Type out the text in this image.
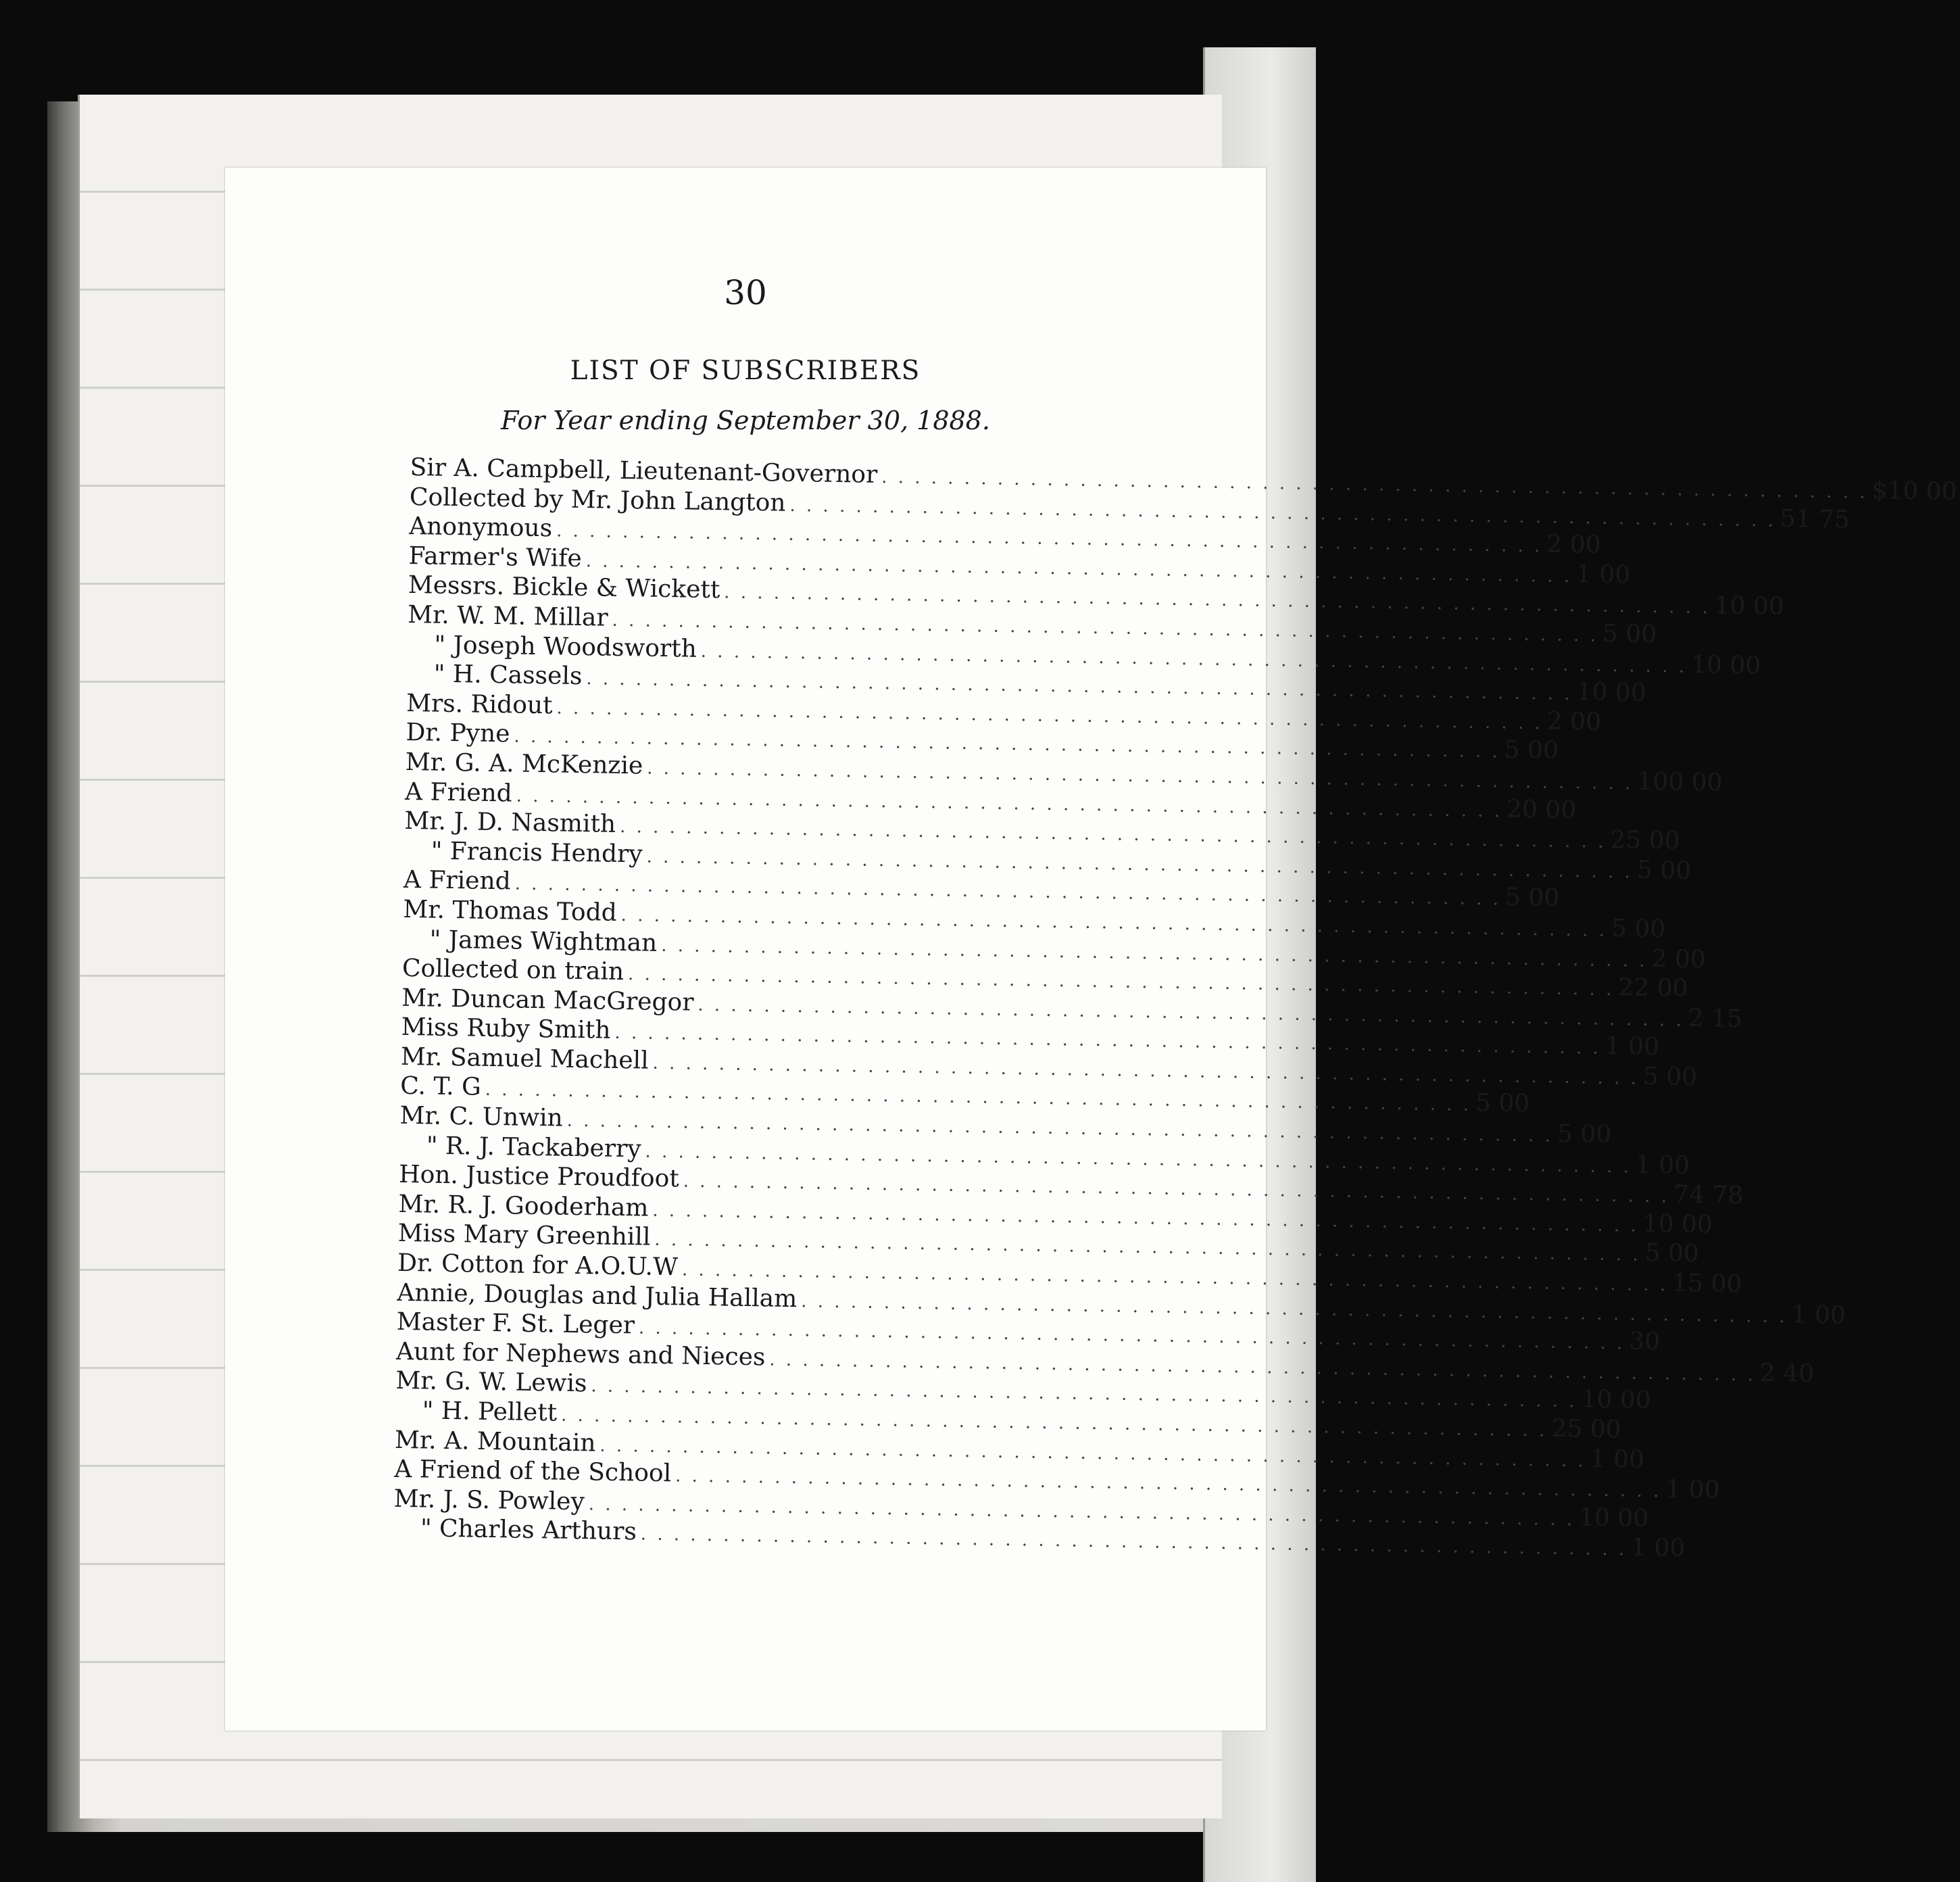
30
LIST OF SUBSCRIBERS
For Year ending September 30, 1888.
Sir A. Campbell, Lieutenant-Governor . . . . . . . . . . . . . . . . . . . . . . . . . . . . . . . . . . . . . . . . . . . . . . . . . . . . . . . . . . . . $ 10 00
Collected by Mr. John Langton . . . . . . . . . . . . . . . . . . . . . . . . . . . . . . . . . . . . . . . . . . . . . . . . . . . . . . . . . . . . 51 75
Anonymous . . . . . . . . . . . . . . . . . . . . . . . . . . . . . . . . . . . . . . . . . . . . . . . . . . . . . . . . . . . . 2 00
Farmer's Wife . . . . . . . . . . . . . . . . . . . . . . . . . . . . . . . . . . . . . . . . . . . . . . . . . . . . . . . . . . . . 1 00
Messrs. Bickle & Wickett . . . . . . . . . . . . . . . . . . . . . . . . . . . . . . . . . . . . . . . . . . . . . . . . . . . . . . . . . . . . 10 00
Mr. W. M. Millar . . . . . . . . . . . . . . . . . . . . . . . . . . . . . . . . . . . . . . . . . . . . . . . . . . . . . . . . . . . . 5 00
" Joseph Woodsworth . . . . . . . . . . . . . . . . . . . . . . . . . . . . . . . . . . . . . . . . . . . . . . . . . . . . . . . . . . . . 10 00
" H. Cassels . . . . . . . . . . . . . . . . . . . . . . . . . . . . . . . . . . . . . . . . . . . . . . . . . . . . . . . . . . . . 10 00
Mrs. Ridout . . . . . . . . . . . . . . . . . . . . . . . . . . . . . . . . . . . . . . . . . . . . . . . . . . . . . . . . . . . . 2 00
Dr. Pyne . . . . . . . . . . . . . . . . . . . . . . . . . . . . . . . . . . . . . . . . . . . . . . . . . . . . . . . . . . . . 5 00
Mr. G. A. McKenzie . . . . . . . . . . . . . . . . . . . . . . . . . . . . . . . . . . . . . . . . . . . . . . . . . . . . . . . . . . . . 100 00
A Friend . . . . . . . . . . . . . . . . . . . . . . . . . . . . . . . . . . . . . . . . . . . . . . . . . . . . . . . . . . . . 20 00
Mr. J. D. Nasmith . . . . . . . . . . . . . . . . . . . . . . . . . . . . . . . . . . . . . . . . . . . . . . . . . . . . . . . . . . . . 25 00
" Francis Hendry . . . . . . . . . . . . . . . . . . . . . . . . . . . . . . . . . . . . . . . . . . . . . . . . . . . . . . . . . . . . 5 00
A Friend . . . . . . . . . . . . . . . . . . . . . . . . . . . . . . . . . . . . . . . . . . . . . . . . . . . . . . . . . . . . 5 00
Mr. Thomas Todd . . . . . . . . . . . . . . . . . . . . . . . . . . . . . . . . . . . . . . . . . . . . . . . . . . . . . . . . . . . . 5 00
" James Wightman . . . . . . . . . . . . . . . . . . . . . . . . . . . . . . . . . . . . . . . . . . . . . . . . . . . . . . . . . . . . 2 00
Collected on train . . . . . . . . . . . . . . . . . . . . . . . . . . . . . . . . . . . . . . . . . . . . . . . . . . . . . . . . . . . . 22 00
Mr. Duncan MacGregor . . . . . . . . . . . . . . . . . . . . . . . . . . . . . . . . . . . . . . . . . . . . . . . . . . . . . . . . . . . . 2 15
Miss Ruby Smith . . . . . . . . . . . . . . . . . . . . . . . . . . . . . . . . . . . . . . . . . . . . . . . . . . . . . . . . . . . . 1 00
Mr. Samuel Machell . . . . . . . . . . . . . . . . . . . . . . . . . . . . . . . . . . . . . . . . . . . . . . . . . . . . . . . . . . . . 5 00
C. T. G . . . . . . . . . . . . . . . . . . . . . . . . . . . . . . . . . . . . . . . . . . . . . . . . . . . . . . . . . . . . 5 00
Mr. C. Unwin . . . . . . . . . . . . . . . . . . . . . . . . . . . . . . . . . . . . . . . . . . . . . . . . . . . . . . . . . . . . 5 00
" R. J. Tackaberry . . . . . . . . . . . . . . . . . . . . . . . . . . . . . . . . . . . . . . . . . . . . . . . . . . . . . . . . . . . . 1 00
Hon. Justice Proudfoot . . . . . . . . . . . . . . . . . . . . . . . . . . . . . . . . . . . . . . . . . . . . . . . . . . . . . . . . . . . . 74 78
Mr. R. J. Gooderham . . . . . . . . . . . . . . . . . . . . . . . . . . . . . . . . . . . . . . . . . . . . . . . . . . . . . . . . . . . . 10 00
Miss Mary Greenhill . . . . . . . . . . . . . . . . . . . . . . . . . . . . . . . . . . . . . . . . . . . . . . . . . . . . . . . . . . . . 5 00
Dr. Cotton for A.O.U.W . . . . . . . . . . . . . . . . . . . . . . . . . . . . . . . . . . . . . . . . . . . . . . . . . . . . . . . . . . . . 15 00
Annie, Douglas and Julia Hallam . . . . . . . . . . . . . . . . . . . . . . . . . . . . . . . . . . . . . . . . . . . . . . . . . . . . . . . . . . . . 1 00
Master F. St. Leger . . . . . . . . . . . . . . . . . . . . . . . . . . . . . . . . . . . . . . . . . . . . . . . . . . . . . . . . . . . . 30
Aunt for Nephews and Nieces . . . . . . . . . . . . . . . . . . . . . . . . . . . . . . . . . . . . . . . . . . . . . . . . . . . . . . . . . . . . 2 40
Mr. G. W. Lewis . . . . . . . . . . . . . . . . . . . . . . . . . . . . . . . . . . . . . . . . . . . . . . . . . . . . . . . . . . . . 10 00
" H. Pellett . . . . . . . . . . . . . . . . . . . . . . . . . . . . . . . . . . . . . . . . . . . . . . . . . . . . . . . . . . . . 25 00
Mr. A. Mountain . . . . . . . . . . . . . . . . . . . . . . . . . . . . . . . . . . . . . . . . . . . . . . . . . . . . . . . . . . . . 1 00
A Friend of the School . . . . . . . . . . . . . . . . . . . . . . . . . . . . . . . . . . . . . . . . . . . . . . . . . . . . . . . . . . . . 1 00
Mr. J. S. Powley . . . . . . . . . . . . . . . . . . . . . . . . . . . . . . . . . . . . . . . . . . . . . . . . . . . . . . . . . . . . 10 00
" Charles Arthurs . . . . . . . . . . . . . . . . . . . . . . . . . . . . . . . . . . . . . . . . . . . . . . . . . . . . . . . . . . . . 1 00
